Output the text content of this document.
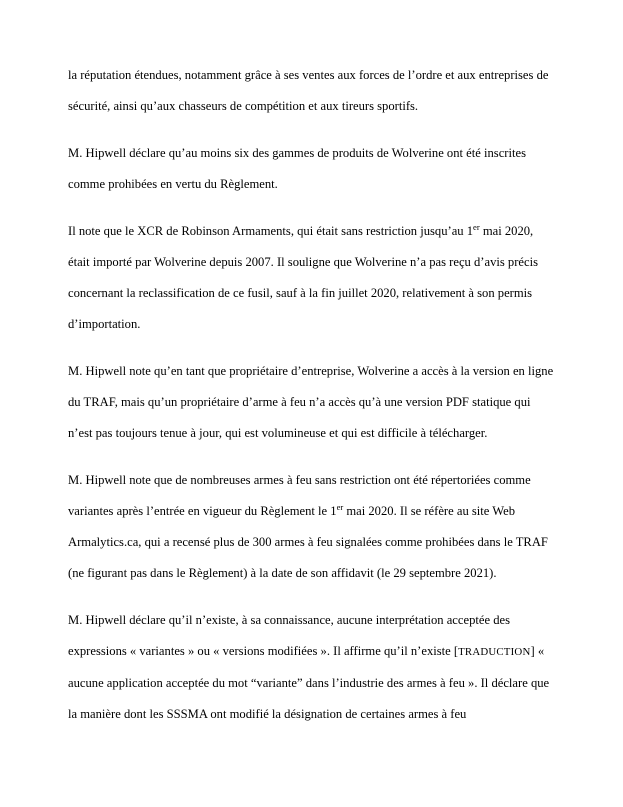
la réputation étendues, notamment grâce à ses ventes aux forces de l’ordre et aux entreprises de sécurité, ainsi qu’aux chasseurs de compétition et aux tireurs sportifs.

M. Hipwell déclare qu’au moins six des gammes de produits de Wolverine ont été inscrites comme prohibées en vertu du Règlement.

Il note que le XCR de Robinson Armaments, qui était sans restriction jusqu’au 1er mai 2020, était importé par Wolverine depuis 2007. Il souligne que Wolverine n’a pas reçu d’avis précis concernant la reclassification de ce fusil, sauf à la fin juillet 2020, relativement à son permis d’importation.

M. Hipwell note qu’en tant que propriétaire d’entreprise, Wolverine a accès à la version en ligne du TRAF, mais qu’un propriétaire d’arme à feu n’a accès qu’à une version PDF statique qui n’est pas toujours tenue à jour, qui est volumineuse et qui est difficile à télécharger.

M. Hipwell note que de nombreuses armes à feu sans restriction ont été répertoriées comme variantes après l’entrée en vigueur du Règlement le 1er mai 2020. Il se réfère au site Web Armalytics.ca, qui a recensé plus de 300 armes à feu signalées comme prohibées dans le TRAF (ne figurant pas dans le Règlement) à la date de son affidavit (le 29 septembre 2021).

M. Hipwell déclare qu’il n’existe, à sa connaissance, aucune interprétation acceptée des expressions « variantes » ou « versions modifiées ». Il affirme qu’il n’existe [TRADUCTION] « aucune application acceptée du mot “variante” dans l’industrie des armes à feu ». Il déclare que la manière dont les SSSMA ont modifié la désignation de certaines armes à feu
